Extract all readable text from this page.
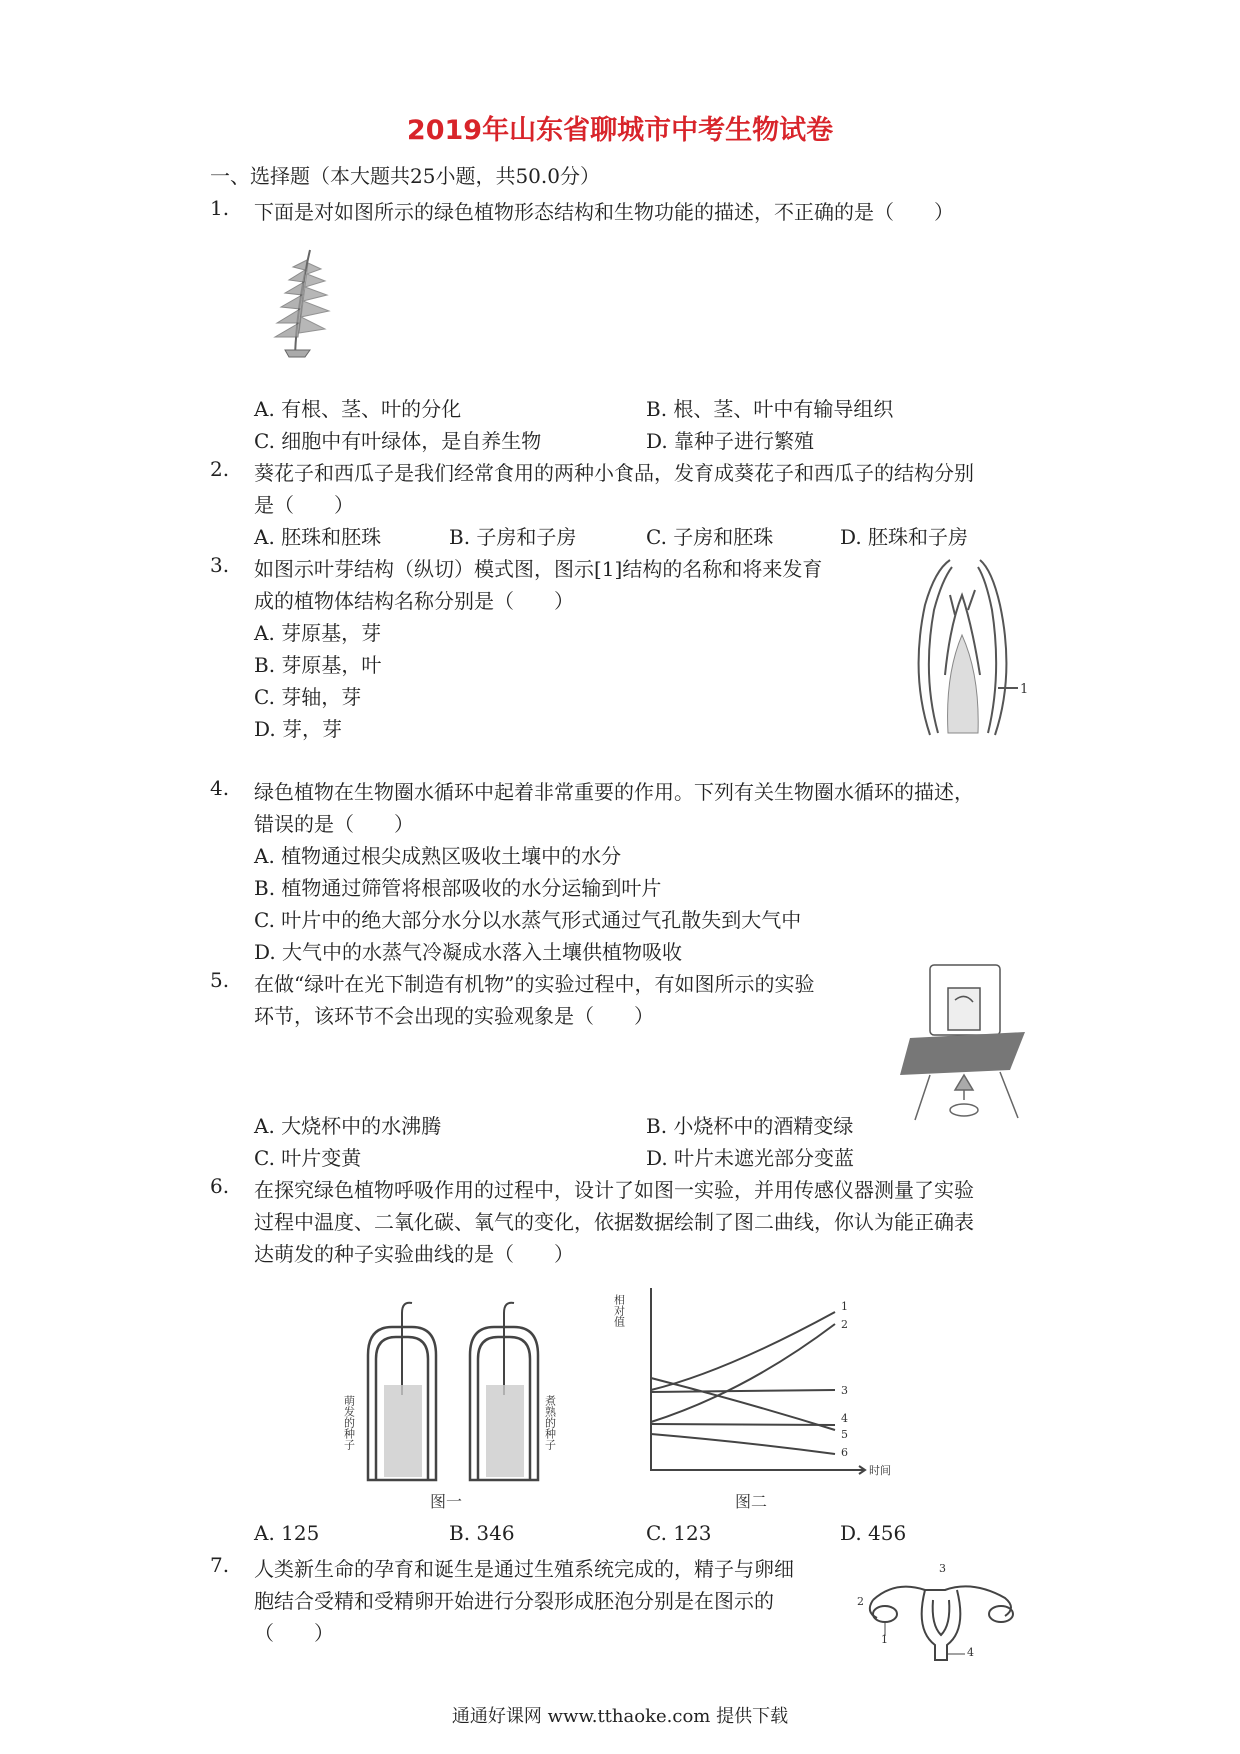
2019年山东省聊城市中考生物试卷
一、选择题（本大题共25小题，共50.0分）
1. 下面是对如图所示的绿色植物形态结构和生物功能的描述，不正确的是（　　）
A. 有根、茎、叶的分化	B. 根、茎、叶中有输导组织
C. 细胞中有叶绿体，是自养生物	D. 靠种子进行繁殖
2. 葵花子和西瓜子是我们经常食用的两种小食品，发育成葵花子和西瓜子的结构分别
是（　　）
A. 胚珠和胚珠	B. 子房和子房	C. 子房和胚珠	D. 胚珠和子房
3. 如图示叶芽结构（纵切）模式图，图示[1]结构的名称和将来发育
成的植物体结构名称分别是（　　）
A. 芽原基，芽
B. 芽原基，叶
C. 芽轴，芽
D. 芽，芽
1
4. 绿色植物在生物圈水循环中起着非常重要的作用。下列有关生物圈水循环的描述，
错误的是（　　）
A. 植物通过根尖成熟区吸收土壤中的水分
B. 植物通过筛管将根部吸收的水分运输到叶片
C. 叶片中的绝大部分水分以水蒸气形式通过气孔散失到大气中
D. 大气中的水蒸气冷凝成水落入土壤供植物吸收
5. 在做“绿叶在光下制造有机物”的实验过程中，有如图所示的实验
环节，该环节不会出现的实验观象是（　　）
A. 大烧杯中的水沸腾	B. 小烧杯中的酒精变绿
C. 叶片变黄	D. 叶片未遮光部分变蓝
6. 在探究绿色植物呼吸作用的过程中，设计了如图一实验，并用传感仪器测量了实验
过程中温度、二氧化碳、氧气的变化，依据数据绘制了图二曲线，你认为能正确表
达萌发的种子实验曲线的是（　　）
萌发的种子	煮熟的种子
图一
相对值	1
2
3
4
5
6
时间
图二
A. 125	B. 346	C. 123	D. 456
7. 人类新生命的孕育和诞生是通过生殖系统完成的，精子与卵细
胞结合受精和受精卵开始进行分裂形成胚泡分别是在图示的
（　　）
2
3
1
4
通通好课网 www.tthaoke.com 提供下载
